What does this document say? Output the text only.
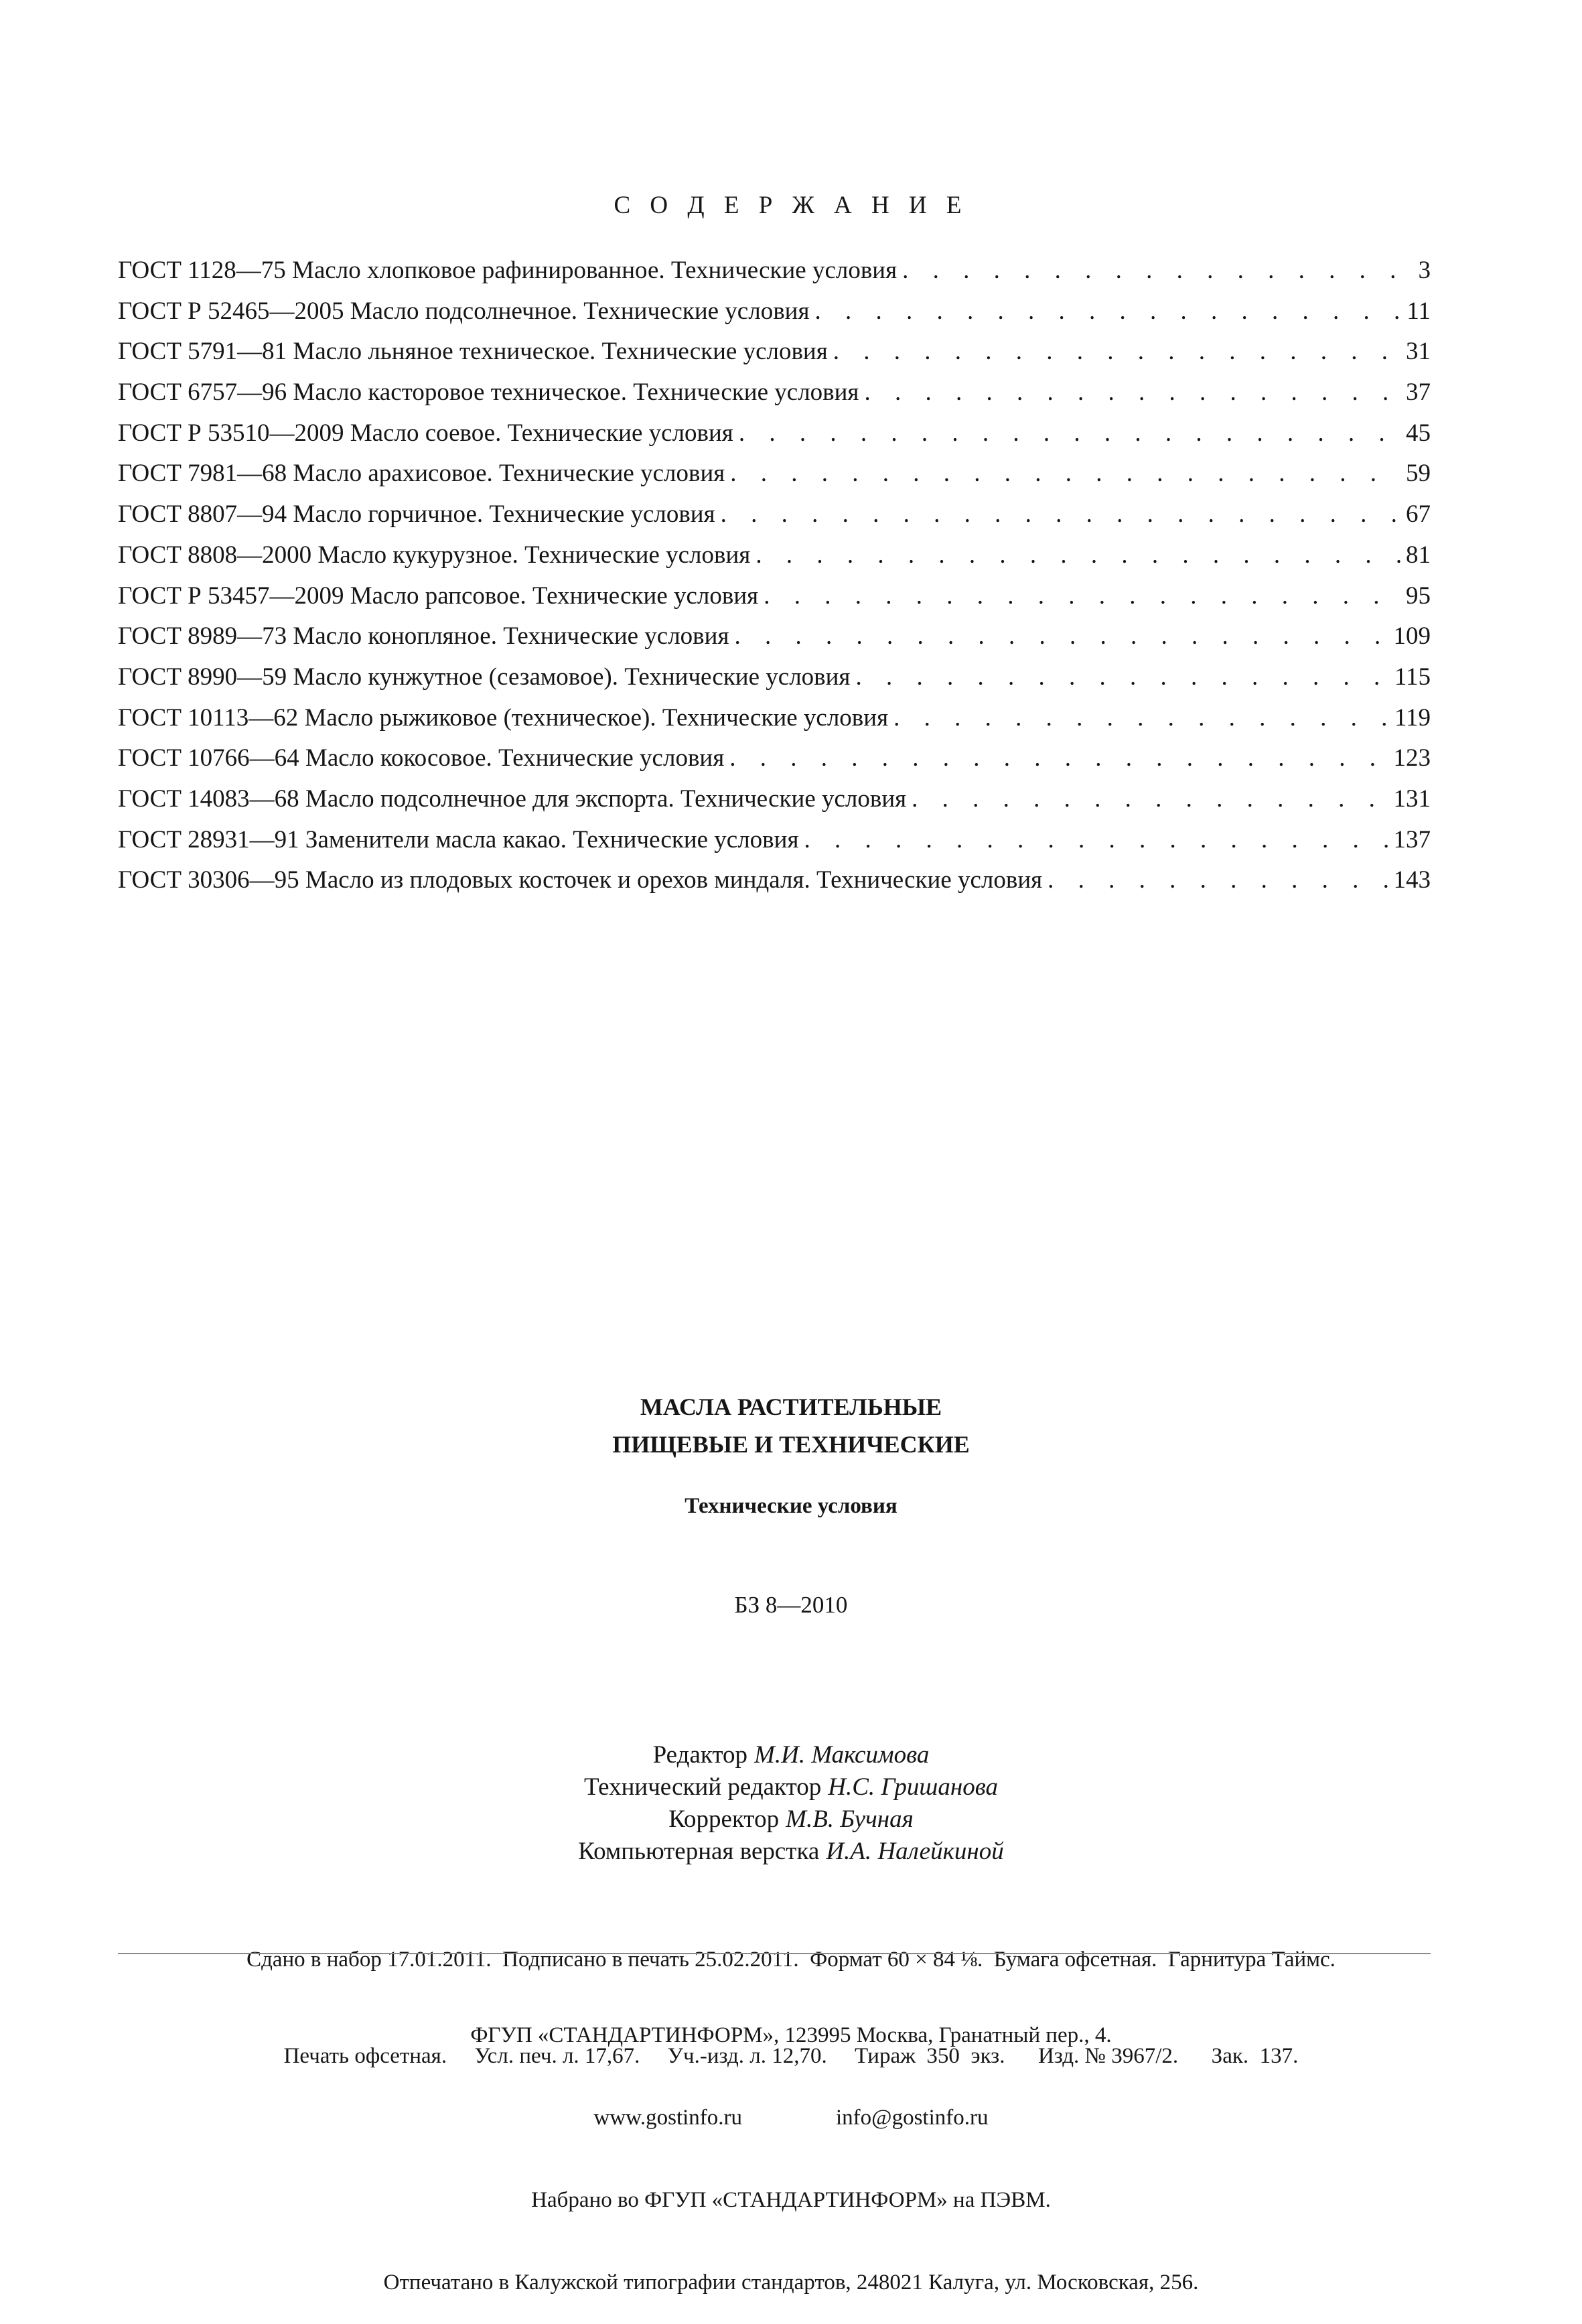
С О Д Е Р Ж А Н И Е
ГОСТ 1128—75 Масло хлопковое рафинированное. Технические условия . . .	3
ГОСТ Р 52465—2005 Масло подсолнечное. Технические условия . . .	11
ГОСТ 5791—81 Масло льняное техническое. Технические условия . . .	31
ГОСТ 6757—96 Масло касторовое техническое. Технические условия . . .	37
ГОСТ Р 53510—2009 Масло соевое. Технические условия . . .	45
ГОСТ 7981—68 Масло арахисовое. Технические условия . . .	59
ГОСТ 8807—94 Масло горчичное. Технические условия . . .	67
ГОСТ 8808—2000 Масло кукурузное. Технические условия . . .	81
ГОСТ Р 53457—2009 Масло рапсовое. Технические условия . . .	95
ГОСТ 8989—73 Масло конопляное. Технические условия . . .	109
ГОСТ 8990—59 Масло кунжутное (сезамовое). Технические условия . . .	115
ГОСТ 10113—62 Масло рыжиковое (техническое). Технические условия . . .	119
ГОСТ 10766—64 Масло кокосовое. Технические условия . . .	123
ГОСТ 14083—68 Масло подсолнечное для экспорта. Технические условия . . .	131
ГОСТ 28931—91 Заменители масла какао. Технические условия . . .	137
ГОСТ 30306—95 Масло из плодовых косточек и орехов миндаля. Технические условия . . .	143

МАСЛА РАСТИТЕЛЬНЫЕ

ПИЩЕВЫЕ И ТЕХНИЧЕСКИЕ

Технические условия

БЗ 8—2010

Редактор М.И. Максимова

Технический редактор Н.С. Гришанова

Корректор М.В. Бучная

Компьютерная верстка И.А. Налейкиной

Сдано в набор 17.01.2011.  Подписано в печать 25.02.2011.  Формат 60 × 84 ⅛.  Бумага офсетная.  Гарнитура Таймс.

Печать офсетная.     Усл. печ. л. 17,67.     Уч.-изд. л. 12,70.     Тираж  350  экз.      Изд. № 3967/2.      Зак.  137.

ФГУП «СТАНДАРТИНФОРМ», 123995 Москва, Гранатный пер., 4.

www.gostinfo.ru	info@gostinfo.ru

Набрано во ФГУП «СТАНДАРТИНФОРМ» на ПЭВМ.

Отпечатано в Калужской типографии стандартов, 248021 Калуга, ул. Московская, 256.
